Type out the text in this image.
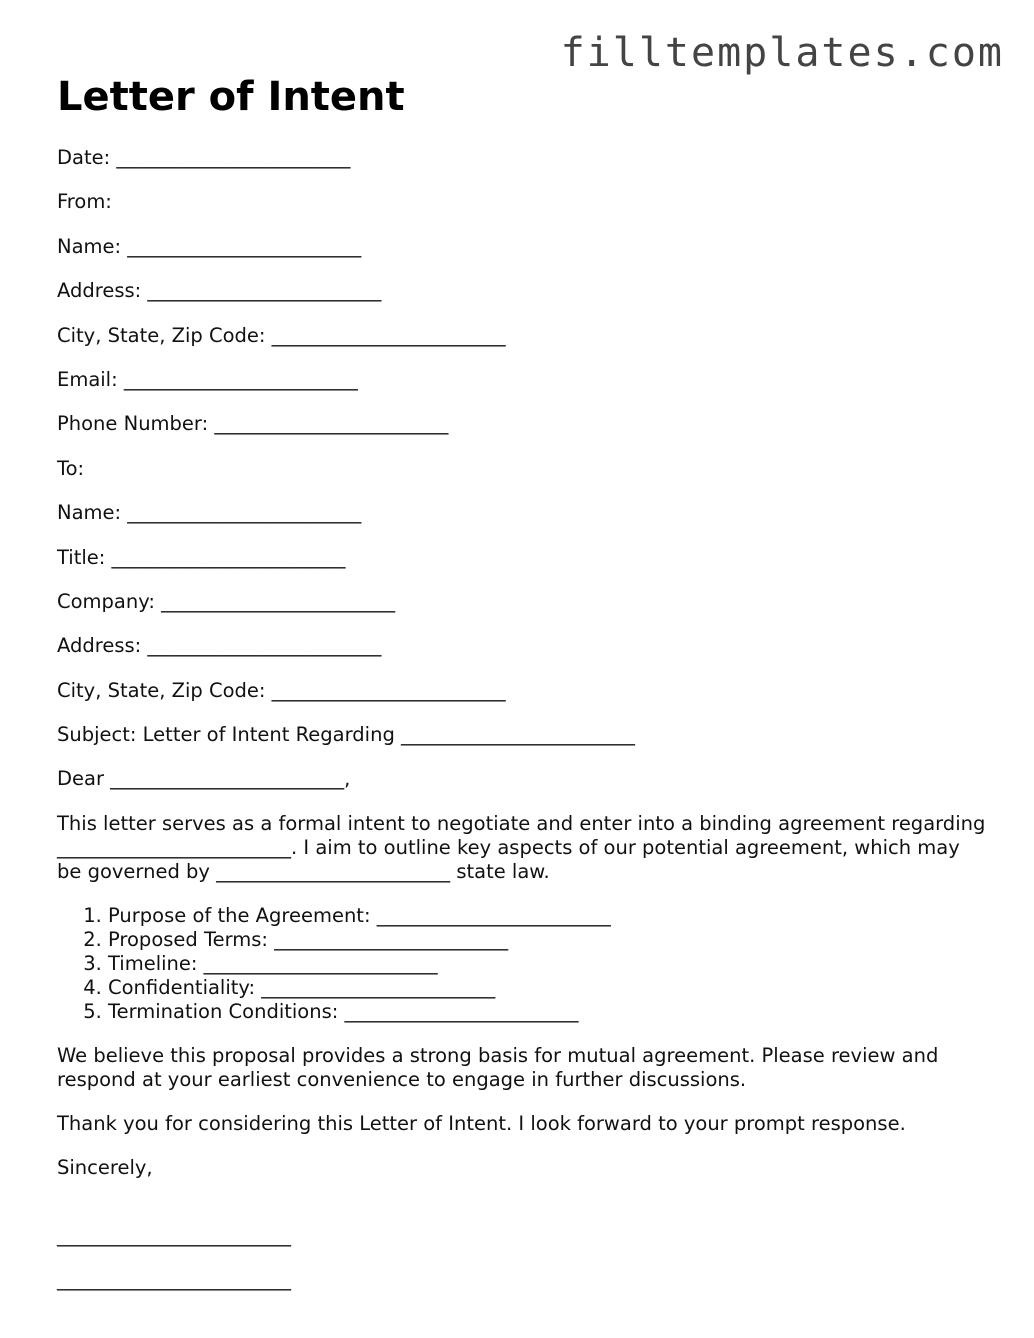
filltemplates.com
Letter of Intent
Date: ________________________
From:
Name: ________________________
Address: ________________________
City, State, Zip Code: ________________________
Email: ________________________
Phone Number: ________________________
To:
Name: ________________________
Title: ________________________
Company: ________________________
Address: ________________________
City, State, Zip Code: ________________________
Subject: Letter of Intent Regarding ________________________
Dear ________________________,

This letter serves as a formal intent to negotiate and enter into a binding agreement regarding ________________________. I aim to outline key aspects of our potential agreement, which may be governed by ________________________ state law.

1. Purpose of the Agreement: ________________________
2. Proposed Terms: ________________________
3. Timeline: ________________________
4. Confidentiality: ________________________
5. Termination Conditions: ________________________

We believe this proposal provides a strong basis for mutual agreement. Please review and respond at your earliest convenience to engage in further discussions.

Thank you for considering this Letter of Intent. I look forward to your prompt response.

Sincerely,
________________________
________________________
